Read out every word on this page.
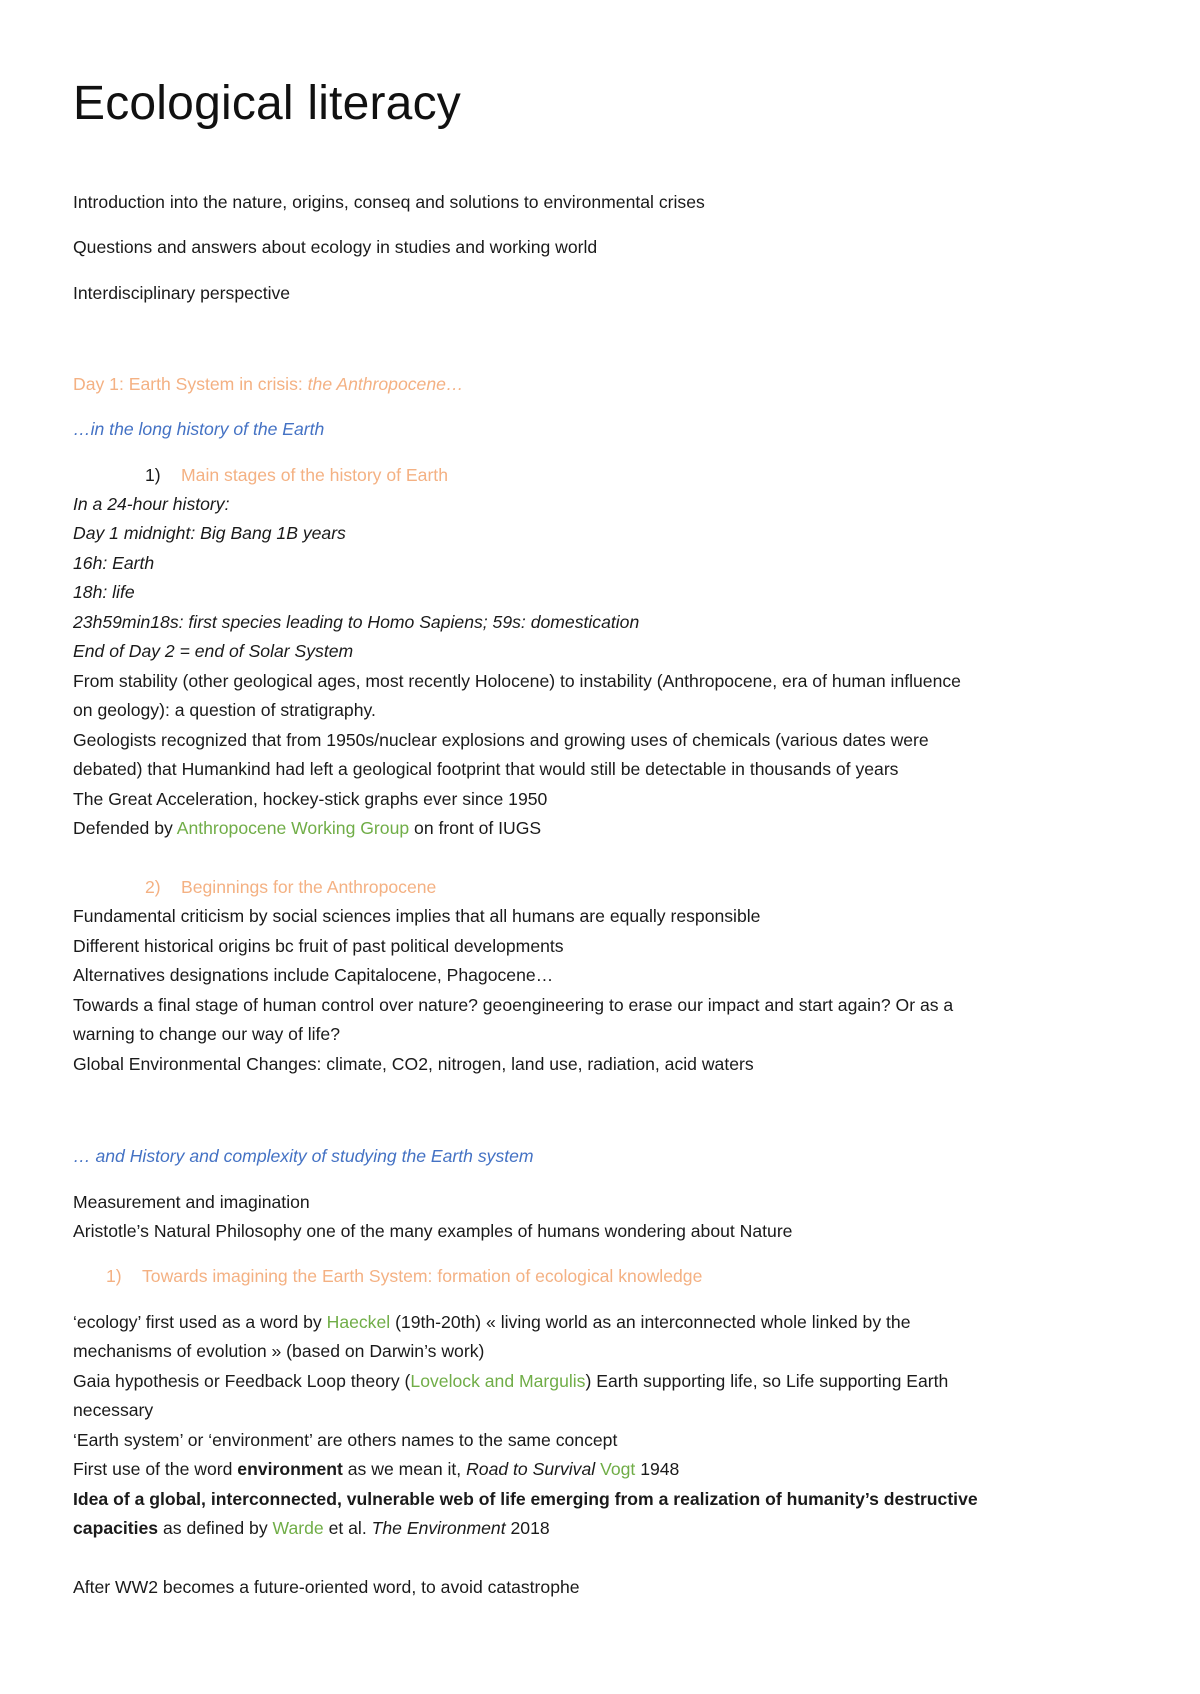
Ecological literacy
Introduction into the nature, origins, conseq and solutions to environmental crises
Questions and answers about ecology in studies and working world
Interdisciplinary perspective
Day 1: Earth System in crisis: the Anthropocene…
…in the long history of the Earth
1) Main stages of the history of Earth
In a 24-hour history:
Day 1 midnight: Big Bang 1B years
16h: Earth
18h: life
23h59min18s: first species leading to Homo Sapiens; 59s: domestication
End of Day 2 = end of Solar System
From stability (other geological ages, most recently Holocene) to instability (Anthropocene, era of human influence
on geology): a question of stratigraphy.
Geologists recognized that from 1950s/nuclear explosions and growing uses of chemicals (various dates were
debated) that Humankind had left a geological footprint that would still be detectable in thousands of years
The Great Acceleration, hockey-stick graphs ever since 1950
Defended by Anthropocene Working Group on front of IUGS
2) Beginnings for the Anthropocene
Fundamental criticism by social sciences implies that all humans are equally responsible
Different historical origins bc fruit of past political developments
Alternatives designations include Capitalocene, Phagocene…
Towards a final stage of human control over nature? geoengineering to erase our impact and start again? Or as a
warning to change our way of life?
Global Environmental Changes: climate, CO2, nitrogen, land use, radiation, acid waters
… and History and complexity of studying the Earth system
Measurement and imagination
Aristotle’s Natural Philosophy one of the many examples of humans wondering about Nature
1) Towards imagining the Earth System: formation of ecological knowledge
‘ecology’ first used as a word by Haeckel (19th-20th) « living world as an interconnected whole linked by the
mechanisms of evolution » (based on Darwin’s work)
Gaia hypothesis or Feedback Loop theory (Lovelock and Margulis) Earth supporting life, so Life supporting Earth
necessary
‘Earth system’ or ‘environment’ are others names to the same concept
First use of the word environment as we mean it, Road to Survival Vogt 1948
Idea of a global, interconnected, vulnerable web of life emerging from a realization of humanity’s destructive
capacities as defined by Warde et al. The Environment 2018
After WW2 becomes a future-oriented word, to avoid catastrophe
